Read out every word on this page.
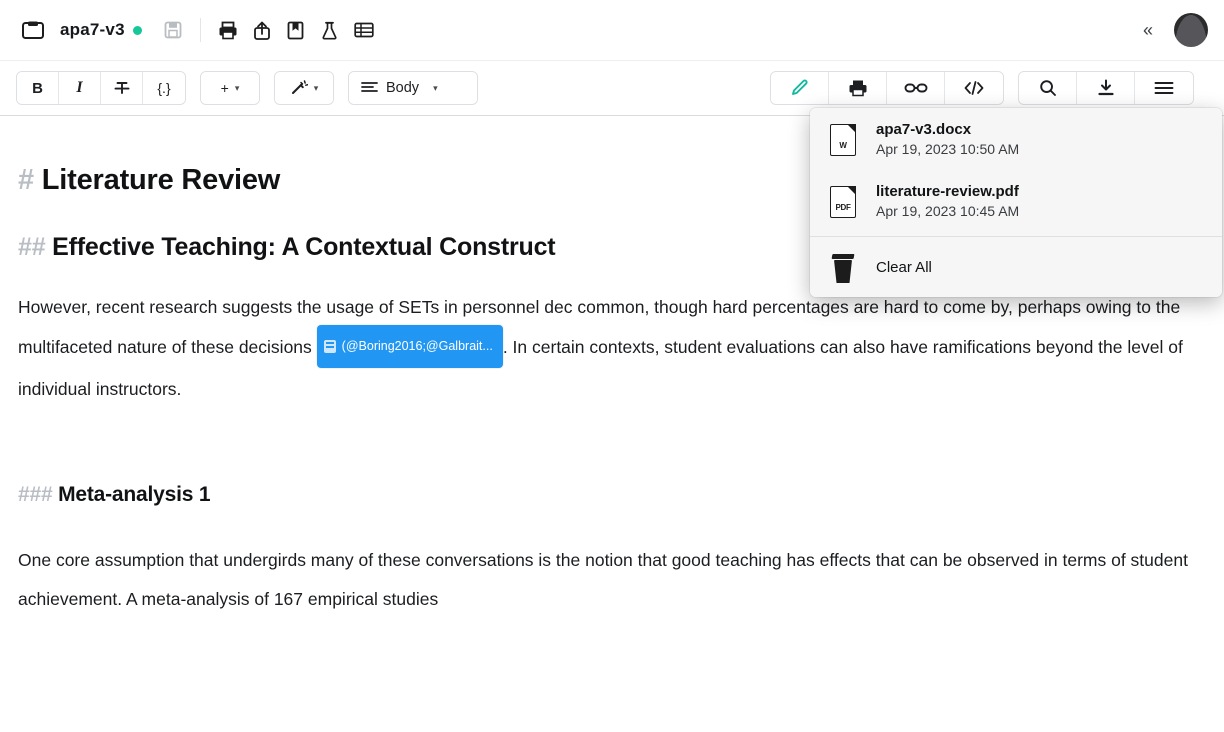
apa7-v3	«
B	I	{.}	+ ▾	▾	Body ▾
# Literature Review
## Effective Teaching: A Contextual Construct
However, recent research suggests the usage of SETs in personnel dec common, though hard percentages are hard to come by, perhaps owing to the multifaceted nature of these decisions (@Boring2016;@Galbrait... . In certain contexts, student evaluations can also have ramifications beyond the level of individual instructors.
### Meta-analysis 1
One core assumption that undergirds many of these conversations is the notion that good teaching has effects that can be observed in terms of student achievement. A meta-analysis of 167 empirical studies
W
apa7-v3.docx
Apr 19, 2023 10:50 AM
PDF
literature-review.pdf
Apr 19, 2023 10:45 AM
Clear All
